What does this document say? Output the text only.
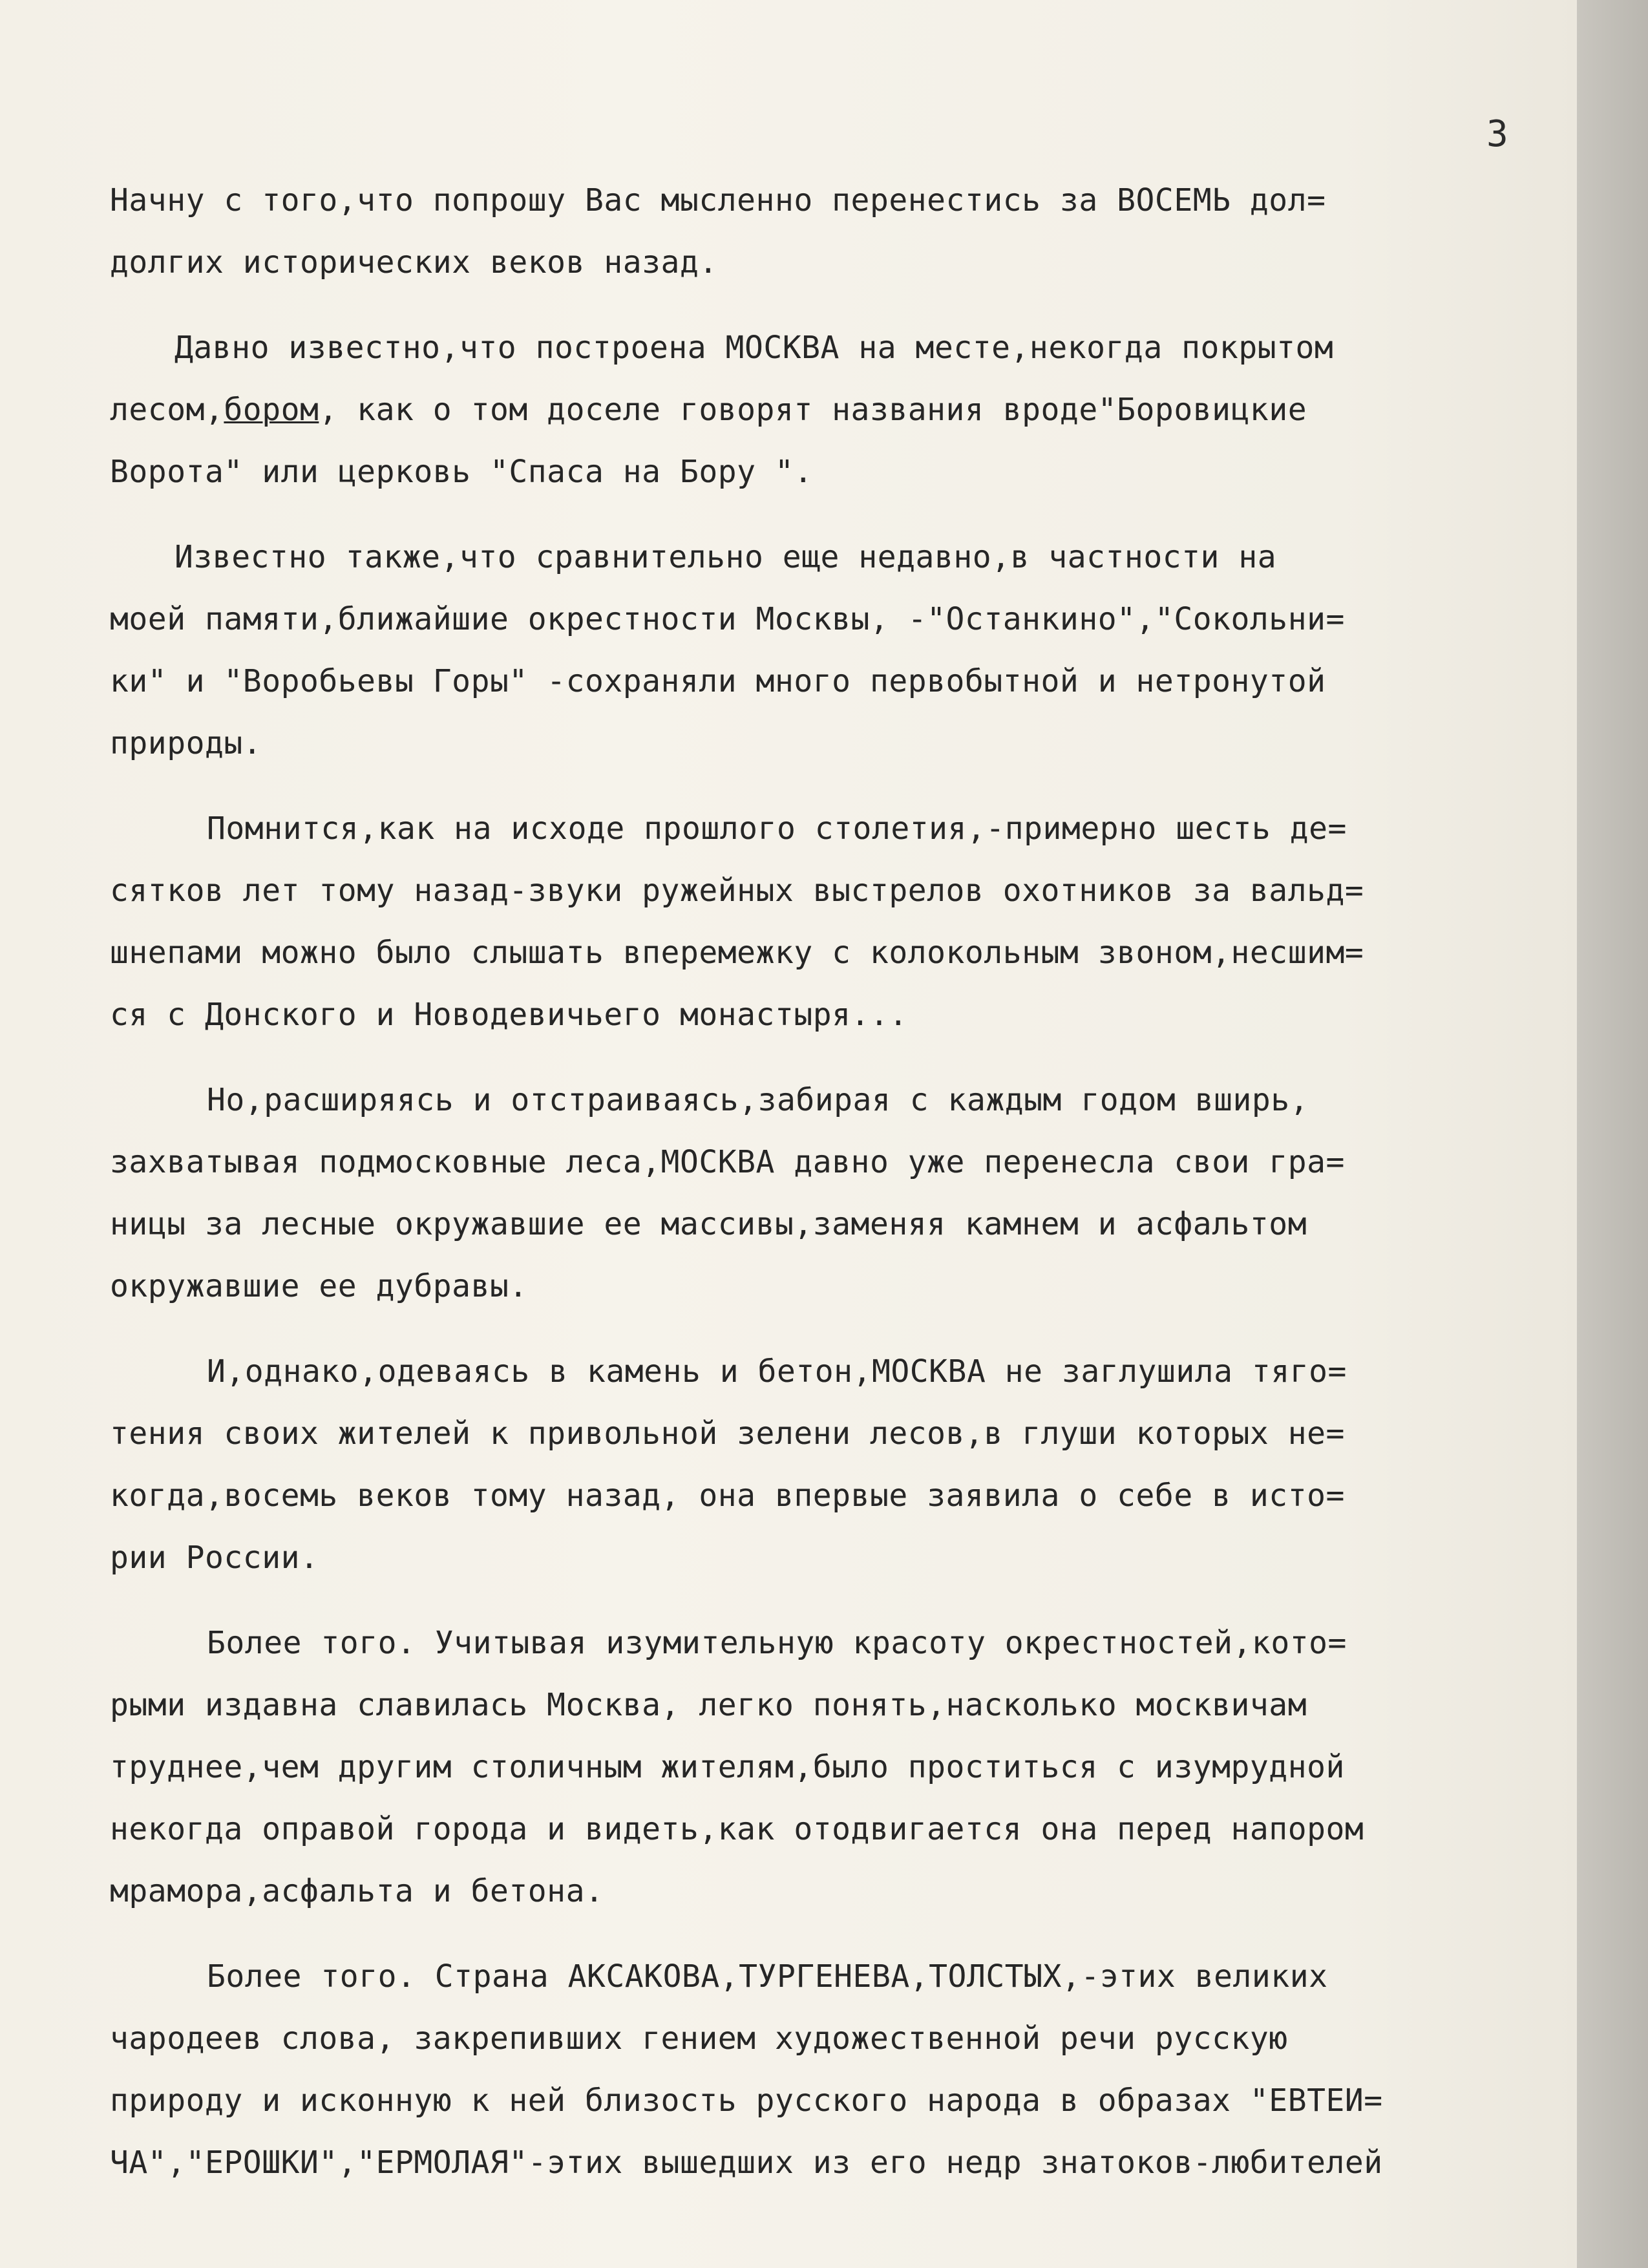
3
Начну с того,что попрошу Вас мысленно перенестись за ВОСЕМЬ дол=
долгих исторических веков назад.
Давно известно,что построена МОСКВА на месте,некогда покрытом
лесом,бором, как о том доселе говорят названия вроде"Боровицкие
Ворота" или церковь "Спаса на Бору ".
Известно также,что сравнительно еще недавно,в частности на
моей памяти,ближайшие окрестности Москвы, -"Останкино","Сокольни=
ки" и "Воробьевы Горы" -сохраняли много первобытной и нетронутой
природы.
Помнится,как на исходе прошлого столетия,-примерно шесть де=
сятков лет тому назад-звуки ружейных выстрелов охотников за вальд=
шнепами можно было слышать вперемежку с колокольным звоном,несшим=
ся с Донского и Новодевичьего монастыря...
Но,расширяясь и отстраиваясь,забирая с каждым годом вширь,
захватывая подмосковные леса,МОСКВА давно уже перенесла свои гра=
ницы за лесные окружавшие ее массивы,заменяя камнем и асфальтом
окружавшие ее дубравы.
И,однако,одеваясь в камень и бетон,МОСКВА не заглушила тяго=
тения своих жителей к привольной зелени лесов,в глуши которых не=
когда,восемь веков тому назад, она впервые заявила о себе в исто=
рии России.
Более того. Учитывая изумительную красоту окрестностей,кото=
рыми издавна славилась Москва, легко понять,насколько москвичам
труднее,чем другим столичным жителям,было проститься с изумрудной
некогда оправой города и видеть,как отодвигается она перед напором
мрамора,асфальта и бетона.
Более того. Страна АКСАКОВА,ТУРГЕНЕВА,ТОЛСТЫХ,-этих великих
чародеев слова, закрепивших гением художественной речи русскую
природу и исконную к ней близость русского народа в образах "ЕВТЕИ=
ЧА","ЕРОШКИ","ЕРМОЛАЯ"-этих вышедших из его недр знатоков-любителей
